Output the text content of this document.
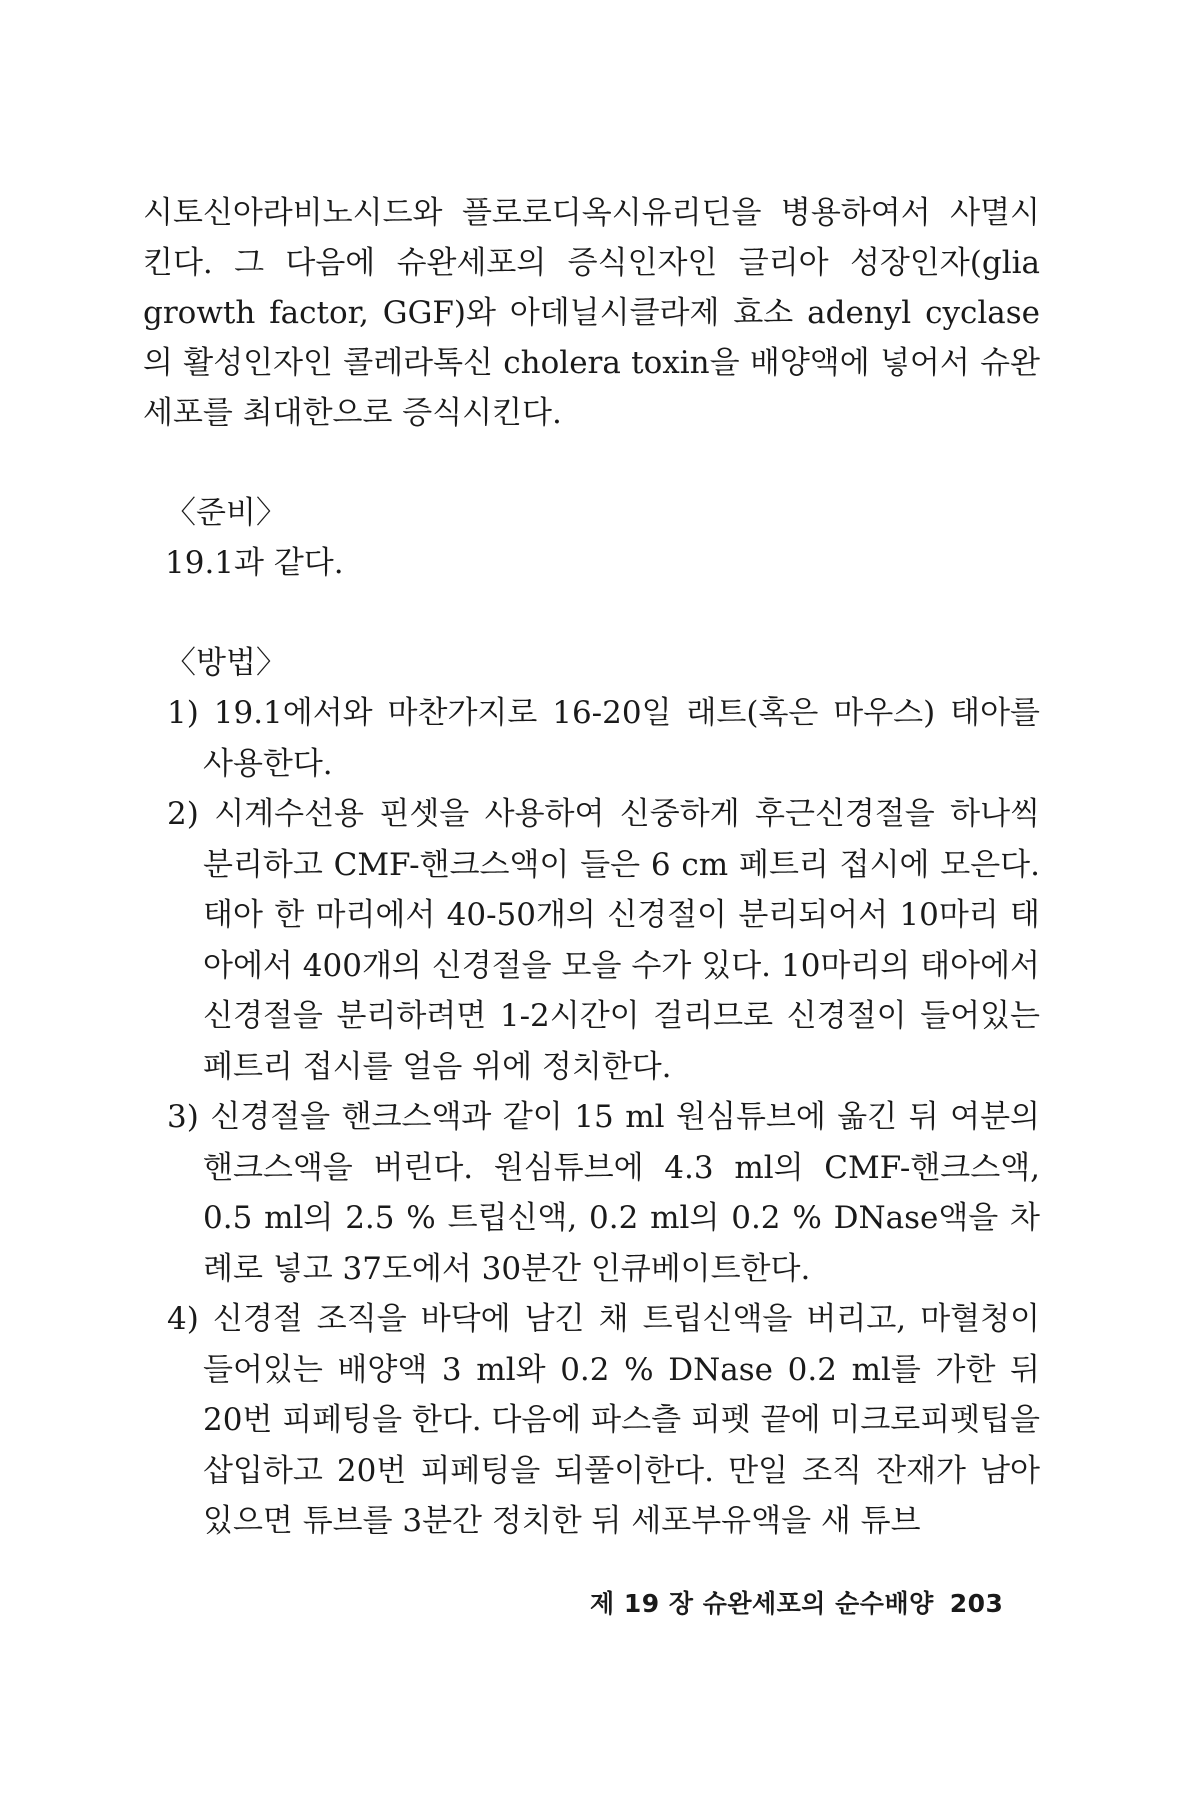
시토신아라비노시드와 플로로디옥시유리딘을 병용하여서 사멸시킨다. 그 다음에 슈완세포의 증식인자인 글리아 성장인자(glia growth factor, GGF)와 아데닐시클라제 효소 adenyl cyclase의 활성인자인 콜레라톡신 cholera toxin을 배양액에 넣어서 슈완세포를 최대한으로 증식시킨다.

〈준비〉

19.1과 같다.

〈방법〉

1) 19.1에서와 마찬가지로 16-20일 래트(혹은 마우스) 태아를 사용한다.

2) 시계수선용 핀셋을 사용하여 신중하게 후근신경절을 하나씩 분리하고 CMF-핸크스액이 들은 6 cm 페트리 접시에 모은다. 태아 한 마리에서 40-50개의 신경절이 분리되어서 10마리 태아에서 400개의 신경절을 모을 수가 있다. 10마리의 태아에서 신경절을 분리하려면 1-2시간이 걸리므로 신경절이 들어있는 페트리 접시를 얼음 위에 정치한다.

3) 신경절을 핸크스액과 같이 15 ml 원심튜브에 옮긴 뒤 여분의 핸크스액을 버린다. 원심튜브에 4.3 ml의 CMF-핸크스액, 0.5 ml의 2.5 % 트립신액, 0.2 ml의 0.2 % DNase액을 차례로 넣고 37도에서 30분간 인큐베이트한다.

4) 신경절 조직을 바닥에 남긴 채 트립신액을 버리고, 마혈청이 들어있는 배양액 3 ml와 0.2 % DNase 0.2 ml를 가한 뒤 20번 피페팅을 한다. 다음에 파스츨 피펫 끝에 미크로피펫팁을 삽입하고 20번 피페팅을 되풀이한다. 만일 조직 잔재가 남아 있으면 튜브를 3분간 정치한 뒤 세포부유액을 새 튜브

제 19 장 슈완세포의 순수배양 203
